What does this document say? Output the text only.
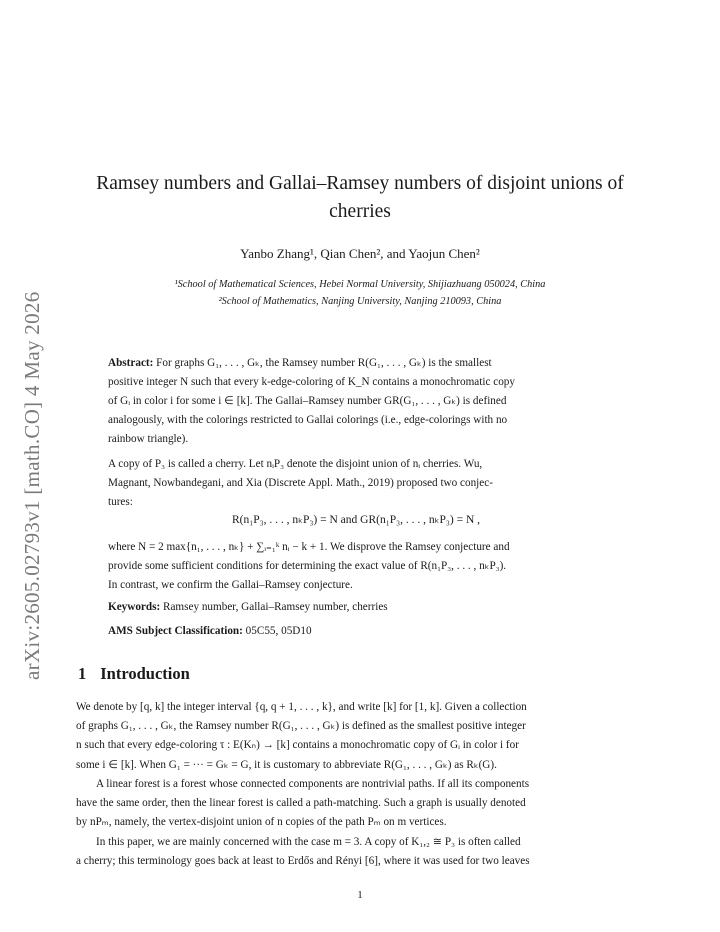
arXiv:2605.02793v1 [math.CO] 4 May 2026
Ramsey numbers and Gallai–Ramsey numbers of disjoint unions of
cherries
Yanbo Zhang¹, Qian Chen², and Yaojun Chen²
¹School of Mathematical Sciences, Hebei Normal University, Shijiazhuang 050024, China
²School of Mathematics, Nanjing University, Nanjing 210093, China
Abstract: For graphs G₁, . . . , Gₖ, the Ramsey number R(G₁, . . . , Gₖ) is the smallest
positive integer N such that every k-edge-coloring of K_N contains a monochromatic copy
of Gᵢ in color i for some i ∈ [k]. The Gallai–Ramsey number GR(G₁, . . . , Gₖ) is defined
analogously, with the colorings restricted to Gallai colorings (i.e., edge-colorings with no
rainbow triangle).
A copy of P₃ is called a cherry. Let nᵢP₃ denote the disjoint union of nᵢ cherries. Wu,
Magnant, Nowbandegani, and Xia (Discrete Appl. Math., 2019) proposed two conjec-
tures:
R(n₁P₃, . . . , nₖP₃) = N and GR(n₁P₃, . . . , nₖP₃) = N ,
where N = 2 max{n₁, . . . , nₖ} + ∑ᵢ₌₁ᵏ nᵢ − k + 1. We disprove the Ramsey conjecture and
provide some sufficient conditions for determining the exact value of R(n₁P₃, . . . , nₖP₃).
In contrast, we confirm the Gallai–Ramsey conjecture.
Keywords: Ramsey number, Gallai–Ramsey number, cherries
AMS Subject Classification: 05C55, 05D10
1 Introduction
We denote by [q, k] the integer interval {q, q + 1, . . . , k}, and write [k] for [1, k]. Given a collection
of graphs G₁, . . . , Gₖ, the Ramsey number R(G₁, . . . , Gₖ) is defined as the smallest positive integer
n such that every edge-coloring τ : E(Kₙ) → [k] contains a monochromatic copy of Gᵢ in color i for
some i ∈ [k]. When G₁ = ··· = Gₖ = G, it is customary to abbreviate R(G₁, . . . , Gₖ) as Rₖ(G).
A linear forest is a forest whose connected components are nontrivial paths. If all its components
have the same order, then the linear forest is called a path-matching. Such a graph is usually denoted
by nPₘ, namely, the vertex-disjoint union of n copies of the path Pₘ on m vertices.
In this paper, we are mainly concerned with the case m = 3. A copy of K₁,₂ ≅ P₃ is often called
a cherry; this terminology goes back at least to Erdős and Rényi [6], where it was used for two leaves
1
